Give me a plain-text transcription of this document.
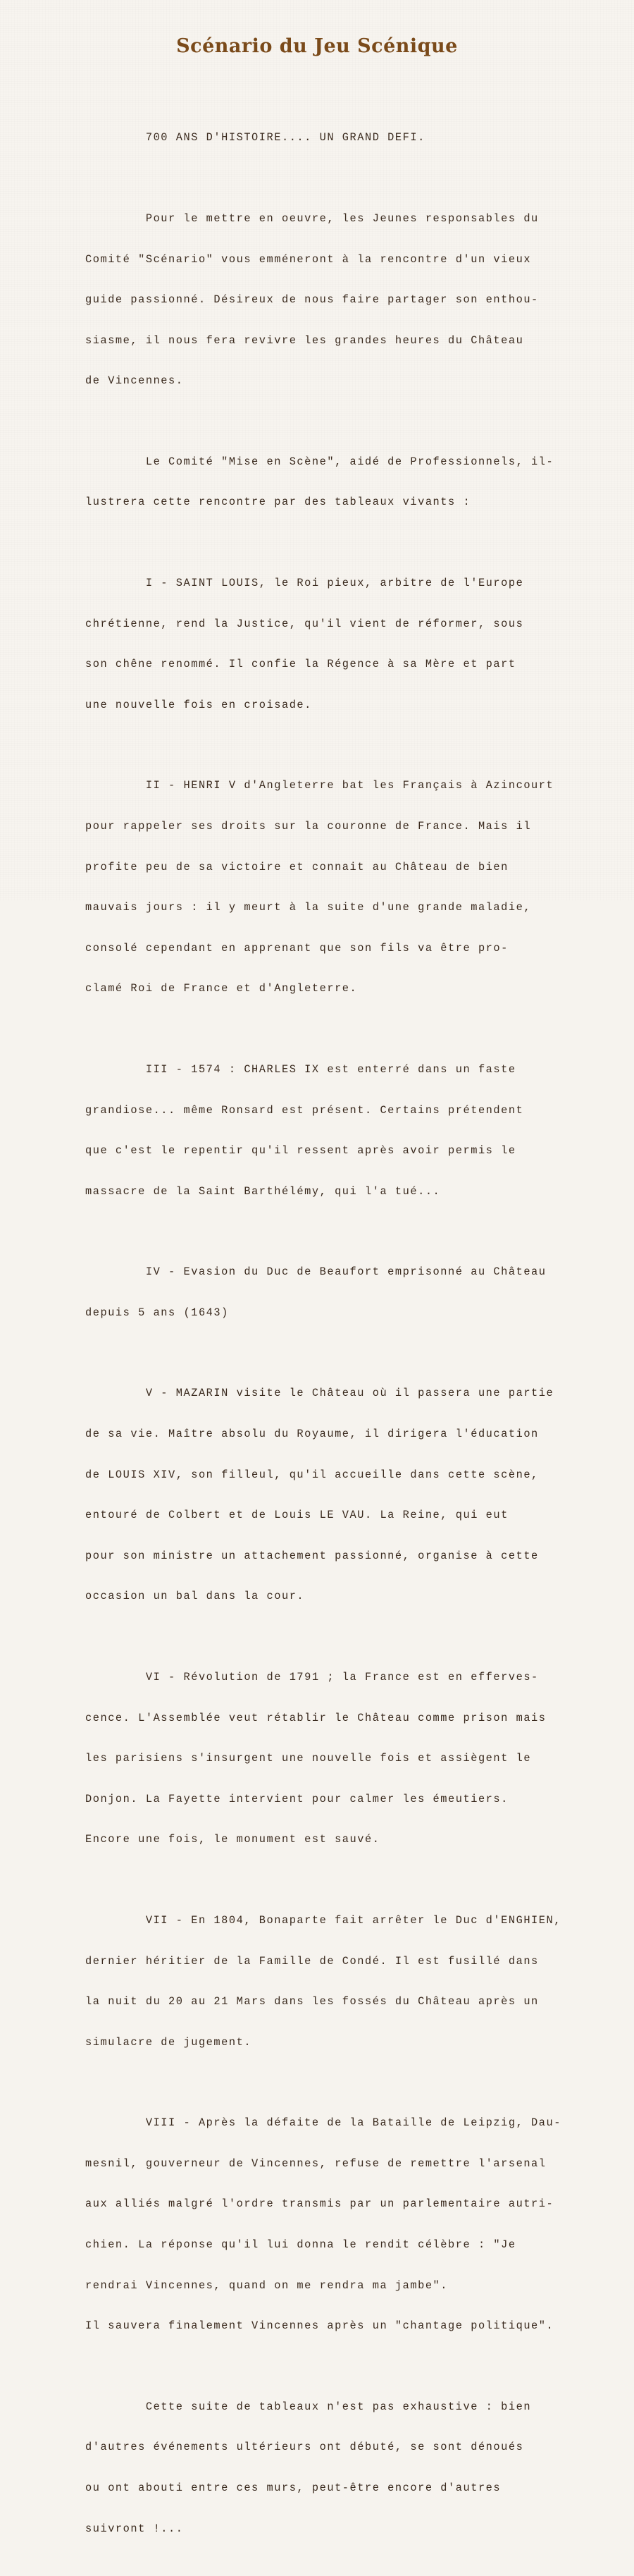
Scénario du Jeu Scénique

700 ANS D'HISTOIRE.... UN GRAND DEFI.

Pour le mettre en oeuvre, les Jeunes responsables du

Comité "Scénario" vous emméneront à la rencontre d'un vieux

guide passionné. Désireux de nous faire partager son enthou-

siasme, il nous fera revivre les grandes heures du Château

de Vincennes.

Le Comité "Mise en Scène", aidé de Professionnels, il-

lustrera cette rencontre par des tableaux vivants :

I - SAINT LOUIS, le Roi pieux, arbitre de l'Europe

chrétienne, rend la Justice, qu'il vient de réformer, sous

son chêne renommé. Il confie la Régence à sa Mère et part

une nouvelle fois en croisade.

II - HENRI V d'Angleterre bat les Français à Azincourt

pour rappeler ses droits sur la couronne de France. Mais il

profite peu de sa victoire et connait au Château de bien

mauvais jours : il y meurt à la suite d'une grande maladie,

consolé cependant en apprenant que son fils va être pro-

clamé Roi de France et d'Angleterre.

III - 1574 : CHARLES IX est enterré dans un faste

grandiose... même Ronsard est présent. Certains prétendent

que c'est le repentir qu'il ressent après avoir permis le

massacre de la Saint Barthélémy, qui l'a tué...

IV - Evasion du Duc de Beaufort emprisonné au Château

depuis 5 ans (1643)

V - MAZARIN visite le Château où il passera une partie

de sa vie. Maître absolu du Royaume, il dirigera l'éducation

de LOUIS XIV, son filleul, qu'il accueille dans cette scène,

entouré de Colbert et de Louis LE VAU. La Reine, qui eut

pour son ministre un attachement passionné, organise à cette

occasion un bal dans la cour.

VI - Révolution de 1791 ; la France est en efferves-

cence. L'Assemblée veut rétablir le Château comme prison mais

les parisiens s'insurgent une nouvelle fois et assiègent le

Donjon. La Fayette intervient pour calmer les émeutiers.

Encore une fois, le monument est sauvé.

VII - En 1804, Bonaparte fait arrêter le Duc d'ENGHIEN,

dernier héritier de la Famille de Condé. Il est fusillé dans

la nuit du 20 au 21 Mars dans les fossés du Château après un

simulacre de jugement.

VIII - Après la défaite de la Bataille de Leipzig, Dau-

mesnil, gouverneur de Vincennes, refuse de remettre l'arsenal

aux alliés malgré l'ordre transmis par un parlementaire autri-

chien. La réponse qu'il lui donna le rendit célèbre : "Je

rendrai Vincennes, quand on me rendra ma jambe".

Il sauvera finalement Vincennes après un "chantage politique".

Cette suite de tableaux n'est pas exhaustive : bien

d'autres événements ultérieurs ont débuté, se sont dénoués

ou ont abouti entre ces murs, peut-être encore d'autres

suivront !...
